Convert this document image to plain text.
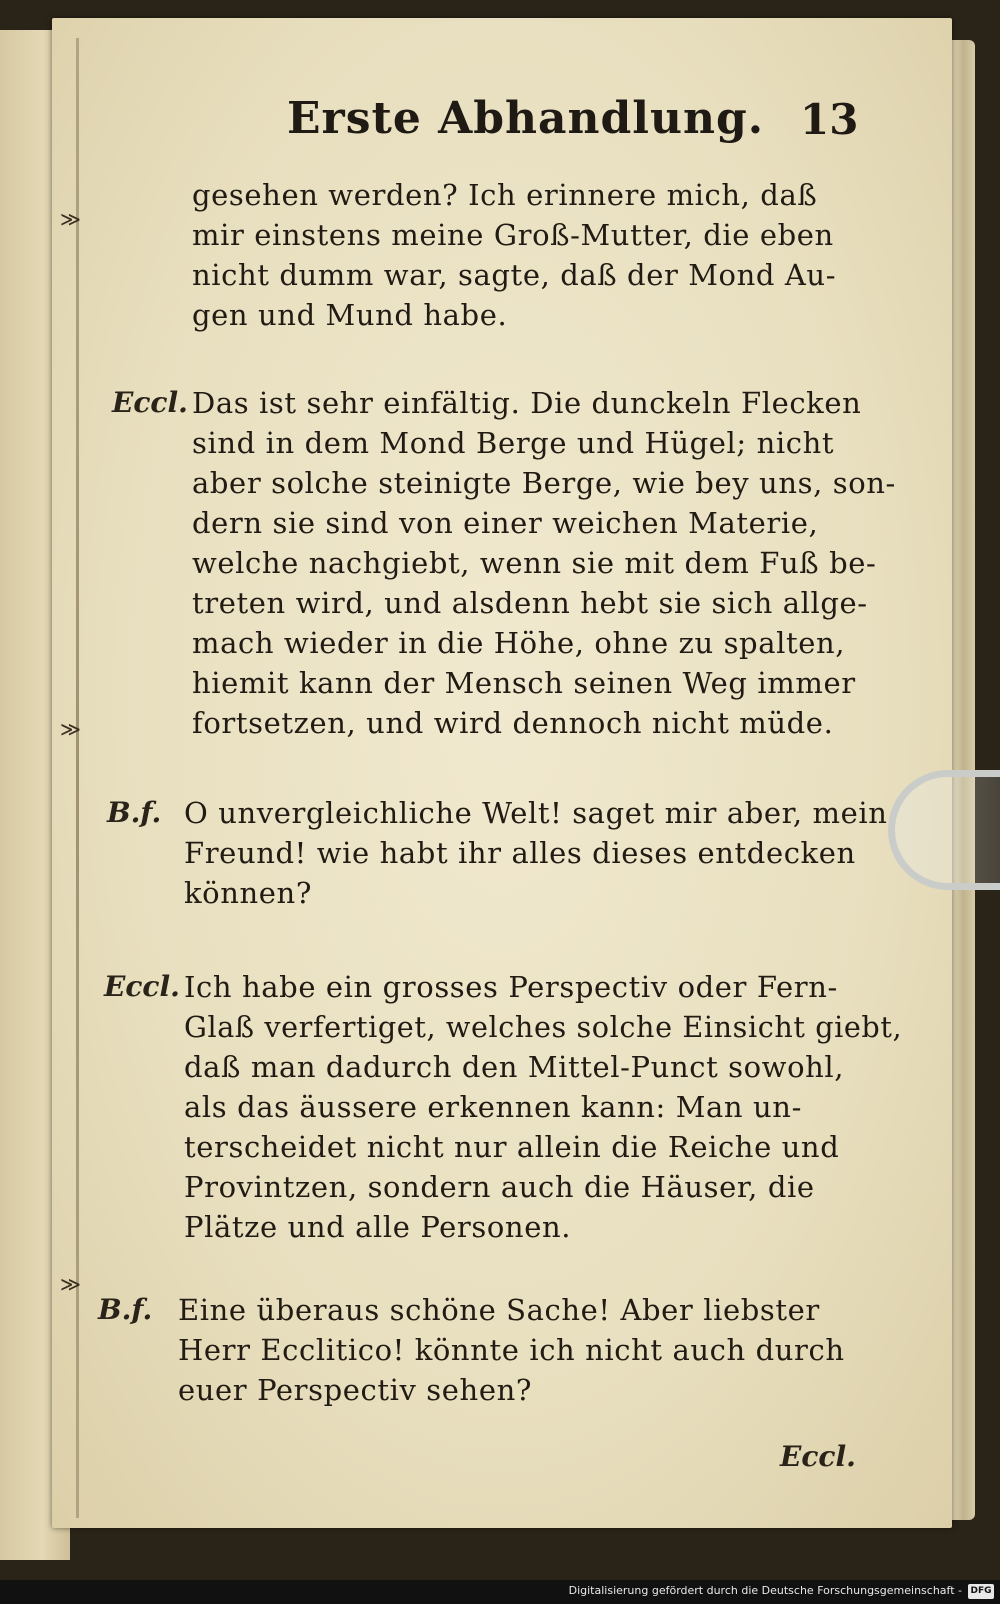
≫
≫
≫
Erste Abhandlung. 13
gesehen werden? Ich erinnere mich, daß
mir einstens meine Groß-Mutter, die eben
nicht dumm war, sagte, daß der Mond Au-
gen und Mund habe.
Eccl. Das ist sehr einfältig. Die dunckeln Flecken
sind in dem Mond Berge und Hügel; nicht
aber solche steinigte Berge, wie bey uns, son-
dern sie sind von einer weichen Materie,
welche nachgiebt, wenn sie mit dem Fuß be-
treten wird, und alsdenn hebt sie sich allge-
mach wieder in die Höhe, ohne zu spalten,
hiemit kann der Mensch seinen Weg immer
fortsetzen, und wird dennoch nicht müde.
B.f. O unvergleichliche Welt! saget mir aber, mein
Freund! wie habt ihr alles dieses entdecken
können?
Eccl. Ich habe ein grosses Perspectiv oder Fern-
Glaß verfertiget, welches solche Einsicht giebt,
daß man dadurch den Mittel-Punct sowohl,
als das äussere erkennen kann: Man un-
terscheidet nicht nur allein die Reiche und
Provintzen, sondern auch die Häuser, die
Plätze und alle Personen.
B.f. Eine überaus schöne Sache! Aber liebster
Herr Ecclitico! könnte ich nicht auch durch
euer Perspectiv sehen?
Eccl.
Digitalisierung gefördert durch die Deutsche Forschungsgemeinschaft - DFG
